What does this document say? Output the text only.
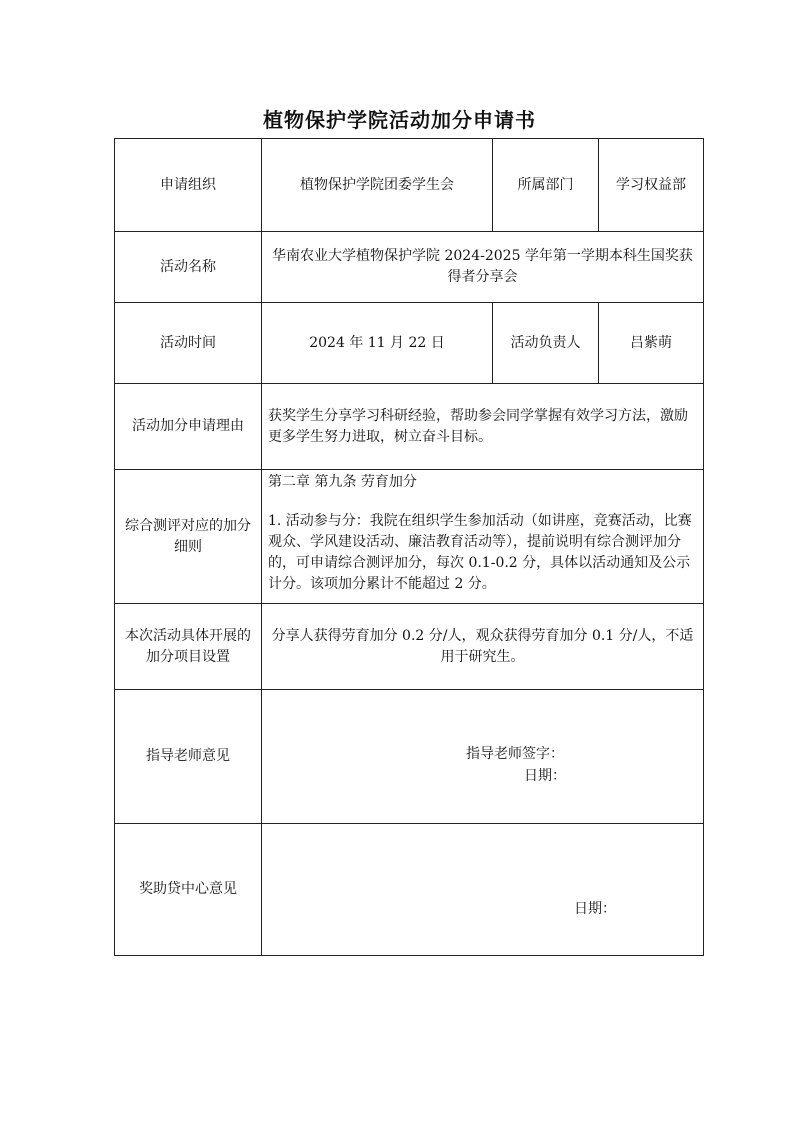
植物保护学院活动加分申请书
申请组织	植物保护学院团委学生会	所属部门	学习权益部
活动名称	华南农业大学植物保护学院 2024-2025 学年第一学期本科生国奖获得者分享会		
活动时间	2024 年 11 月 22 日	活动负责人	吕紫萌
活动加分申请理由	获奖学生分享学习科研经验，帮助参会同学掌握有效学习方法，激励更多学生努力进取，树立奋斗目标。		
综合测评对应的加分细则	第二章 第九条 劳育加分
1. 活动参与分：我院在组织学生参加活动（如讲座，竞赛活动，比赛观众、学风建设活动、廉洁教育活动等），提前说明有综合测评加分的，可申请综合测评加分，每次 0.1-0.2 分，具体以活动通知及公示计分。该项加分累计不能超过 2 分。		

本次活动具体开展的加分项目设置	分享人获得劳育加分 0.2 分/人，观众获得劳育加分 0.1 分/人，不适用于研究生。		
指导老师意见	指导老师签字：
日期：		

奖助贷中心意见	日期：		
